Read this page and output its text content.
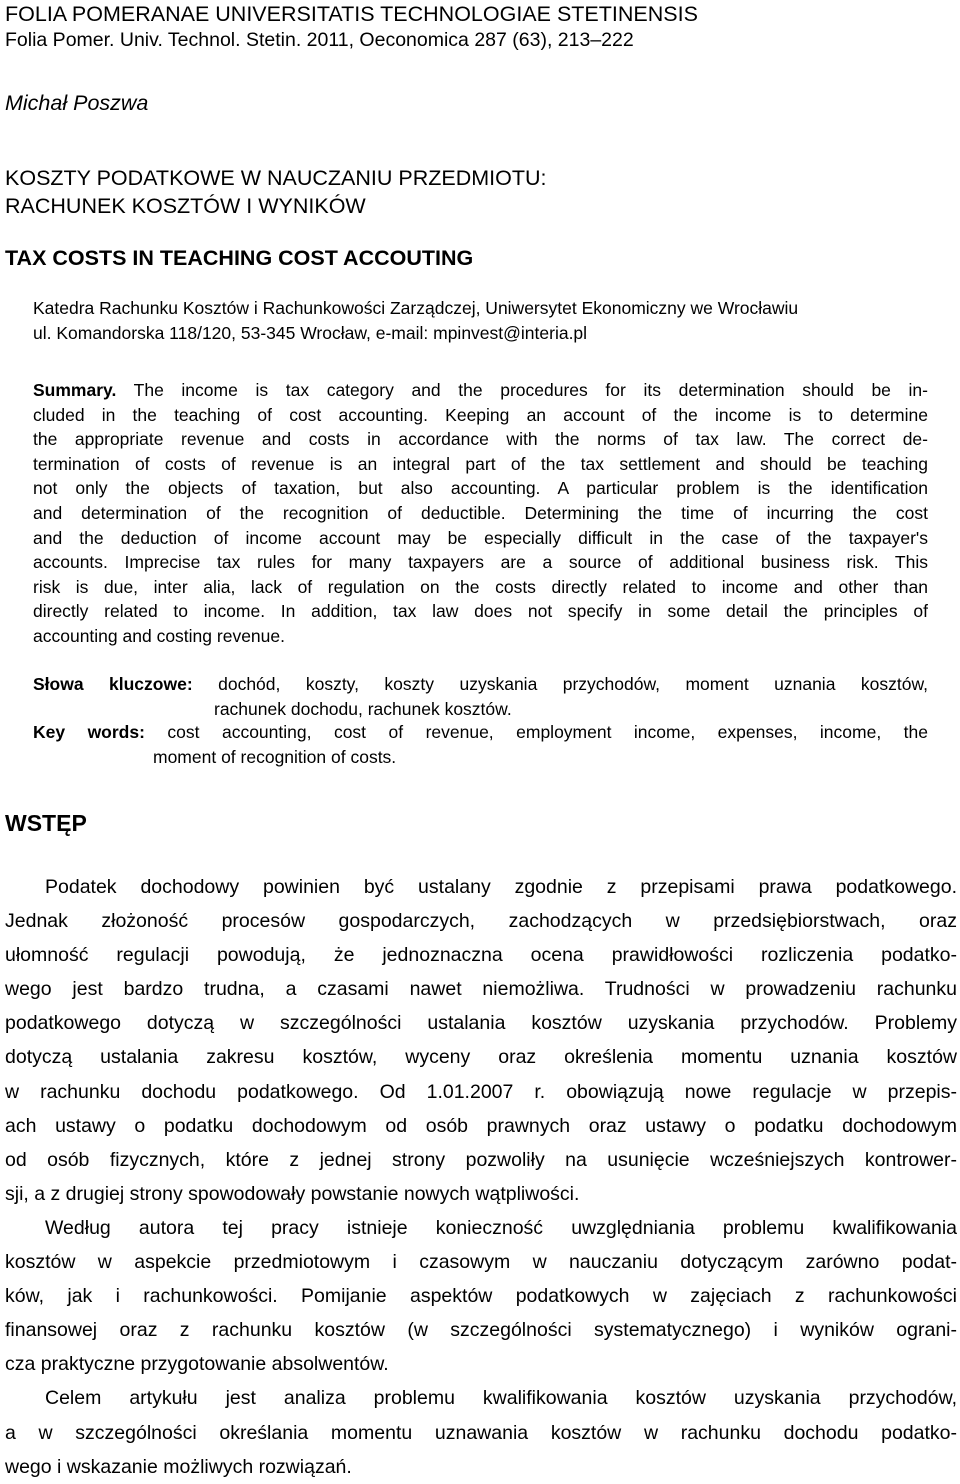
FOLIA POMERANAE UNIVERSITATIS TECHNOLOGIAE STETINENSIS
Folia Pomer. Univ. Technol. Stetin. 2011, Oeconomica 287 (63), 213–222
Michał Poszwa
KOSZTY PODATKOWE W NAUCZANIU PRZEDMIOTU:
RACHUNEK KOSZTÓW I WYNIKÓW
TAX COSTS IN TEACHING COST ACCOUTING
Katedra Rachunku Kosztów i Rachunkowości Zarządczej, Uniwersytet Ekonomiczny we Wrocławiu
ul. Komandorska 118/120, 53-345 Wrocław, e-mail: mpinvest@interia.pl
Summary. The income is tax category and the procedures for its determination should be in-
cluded in the teaching of cost accounting. Keeping an account of the income is to determine
the appropriate revenue and costs in accordance with the norms of tax law. The correct de-
termination of costs of revenue is an integral part of the tax settlement and should be teaching
not only the objects of taxation, but also accounting. A particular problem is the identification
and determination of the recognition of deductible. Determining the time of incurring the cost
and the deduction of income account may be especially difficult in the case of the taxpayer's
accounts. Imprecise tax rules for many taxpayers are a source of additional business risk. This
risk is due, inter alia, lack of regulation on the costs directly related to income and other than
directly related to income. In addition, tax law does not specify in some detail the principles of
accounting and costing revenue.
Słowa kluczowe: dochód, koszty, koszty uzyskania przychodów, moment uznania kosztów,
rachunek dochodu, rachunek kosztów.
Key words: cost accounting, cost of revenue, employment income, expenses, income, the
moment of recognition of costs.
WSTĘP
Podatek dochodowy powinien być ustalany zgodnie z przepisami prawa podatkowego.
Jednak złożoność procesów gospodarczych, zachodzących w przedsiębiorstwach, oraz
ułomność regulacji powodują, że jednoznaczna ocena prawidłowości rozliczenia podatko-
wego jest bardzo trudna, a czasami nawet niemożliwa. Trudności w prowadzeniu rachunku
podatkowego dotyczą w szczególności ustalania kosztów uzyskania przychodów. Problemy
dotyczą ustalania zakresu kosztów, wyceny oraz określenia momentu uznania kosztów
w rachunku dochodu podatkowego. Od 1.01.2007 r. obowiązują nowe regulacje w przepis-
ach ustawy o podatku dochodowym od osób prawnych oraz ustawy o podatku dochodowym
od osób fizycznych, które z jednej strony pozwoliły na usunięcie wcześniejszych kontrower-
sji, a z drugiej strony spowodowały powstanie nowych wątpliwości.
Według autora tej pracy istnieje konieczność uwzględniania problemu kwalifikowania
kosztów w aspekcie przedmiotowym i czasowym w nauczaniu dotyczącym zarówno podat-
ków, jak i rachunkowości. Pomijanie aspektów podatkowych w zajęciach z rachunkowości
finansowej oraz z rachunku kosztów (w szczególności systematycznego) i wyników ograni-
cza praktyczne przygotowanie absolwentów.
Celem artykułu jest analiza problemu kwalifikowania kosztów uzyskania przychodów,
a w szczególności określania momentu uznawania kosztów w rachunku dochodu podatko-
wego i wskazanie możliwych rozwiązań.
